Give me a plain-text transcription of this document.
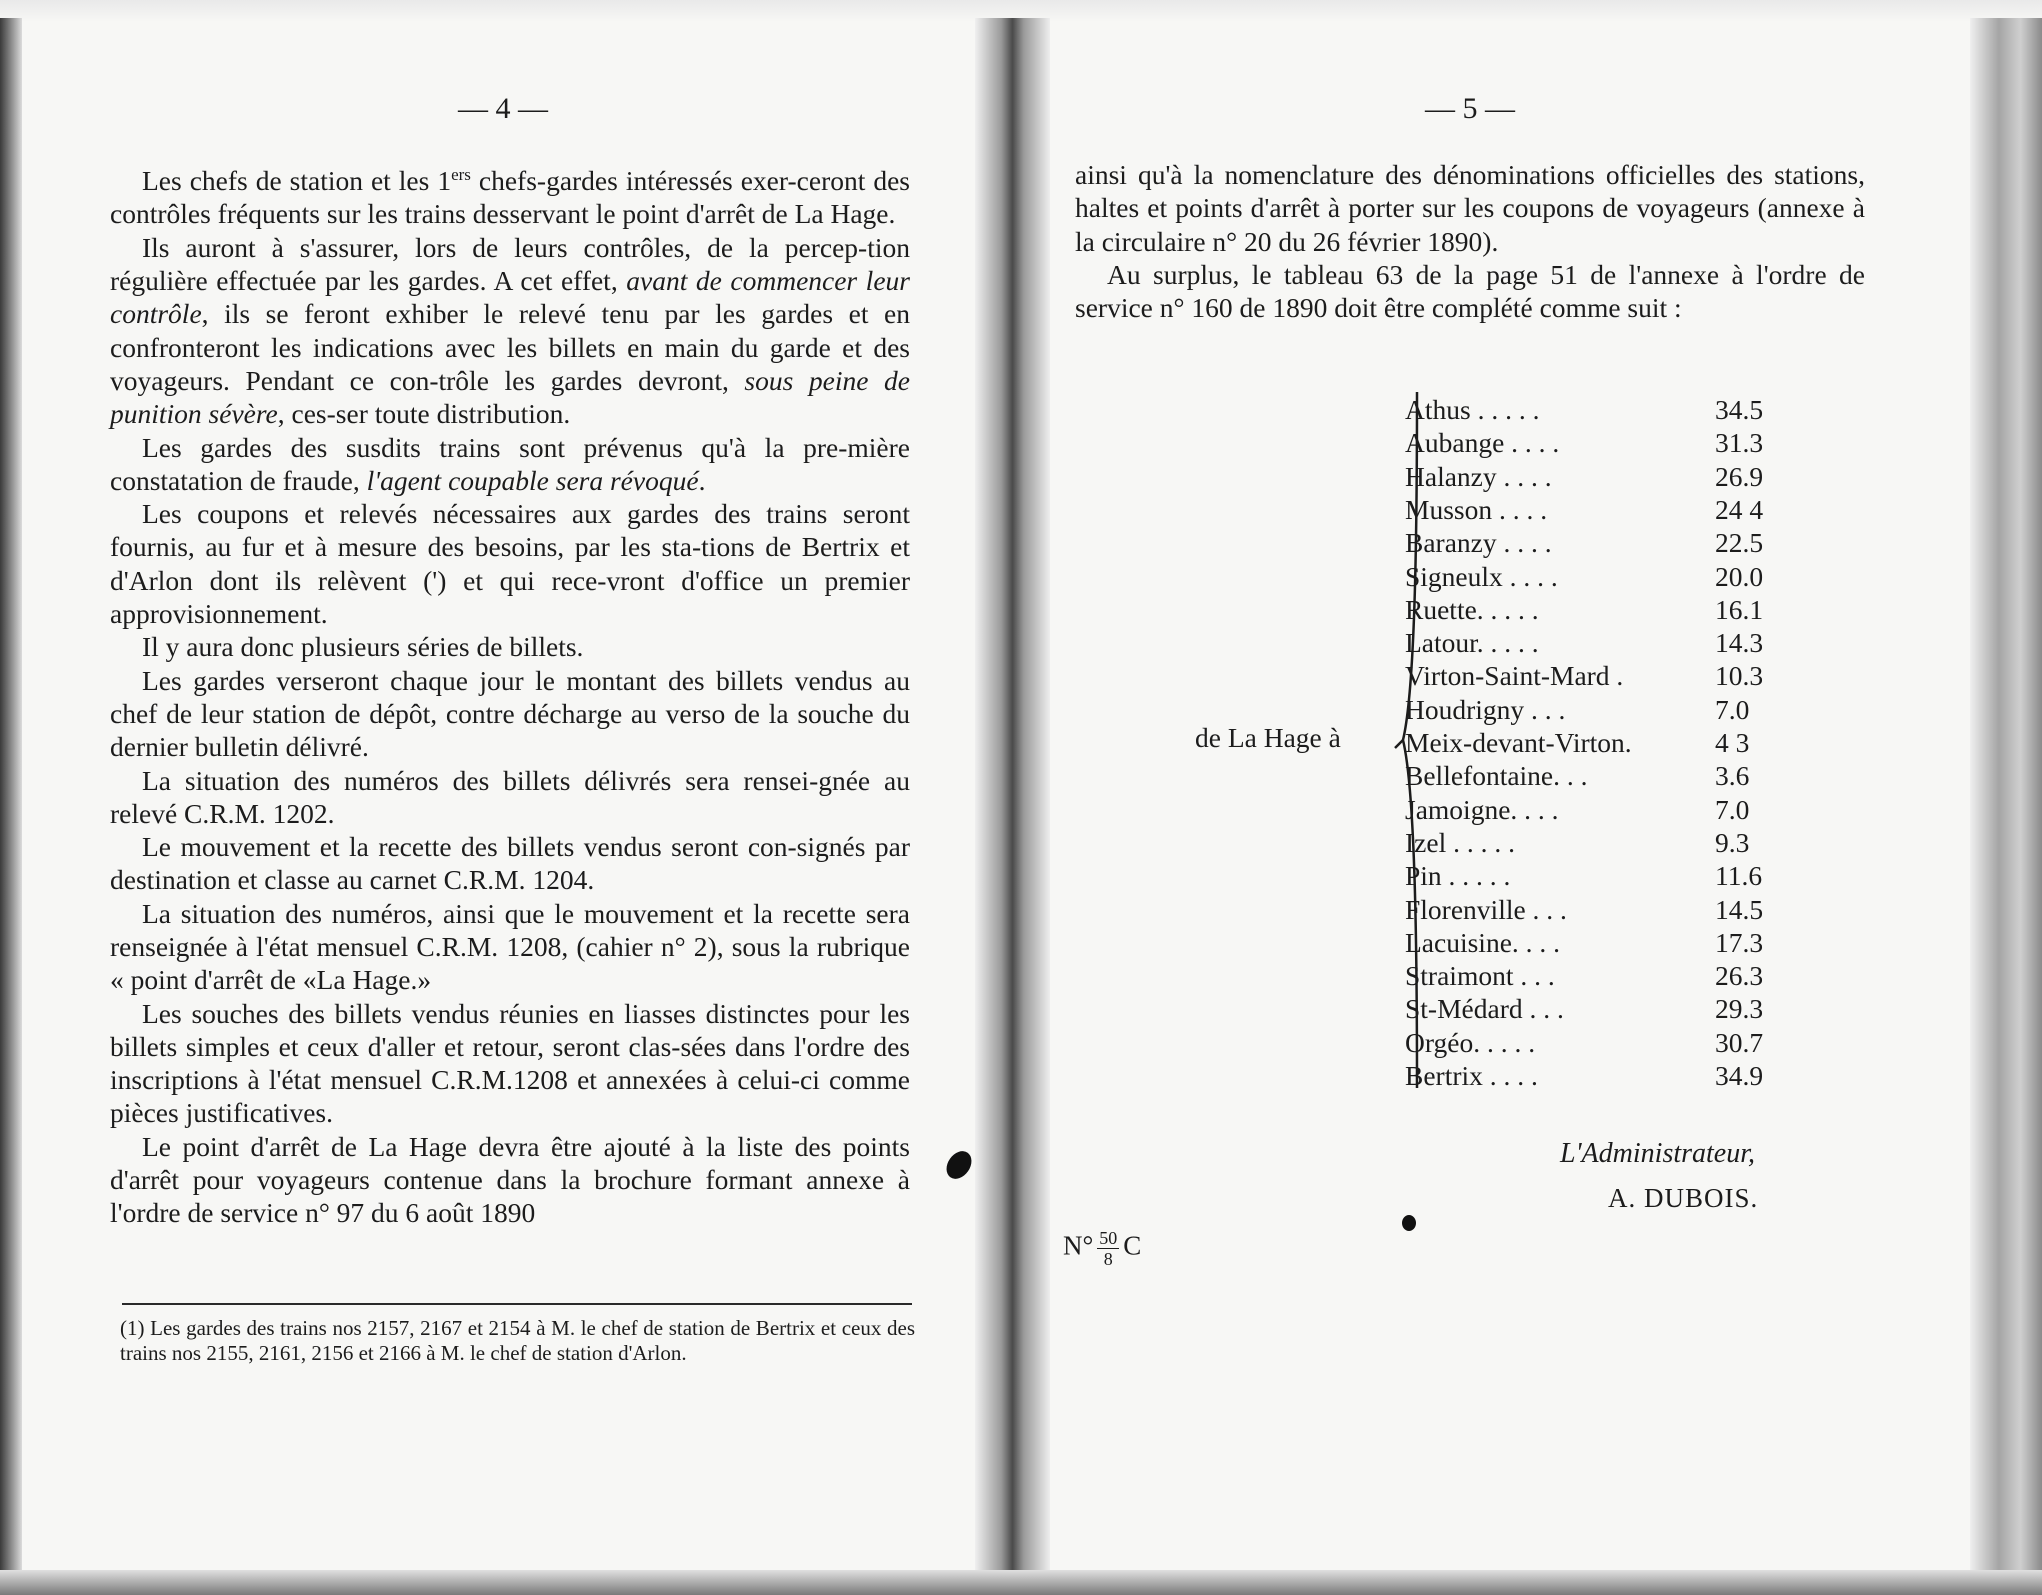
— 4 —

Les chefs de station et les 1ers chefs-gardes intéressés exer-ceront des contrôles fréquents sur les trains desservant le point d'arrêt de La Hage.

Ils auront à s'assurer, lors de leurs contrôles, de la percep-tion régulière effectuée par les gardes. A cet effet, avant de commencer leur contrôle, ils se feront exhiber le relevé tenu par les gardes et en confronteront les indications avec les billets en main du garde et des voyageurs. Pendant ce con-trôle les gardes devront, sous peine de punition sévère, ces-ser toute distribution.

Les gardes des susdits trains sont prévenus qu'à la pre-mière constatation de fraude, l'agent coupable sera révoqué.

Les coupons et relevés nécessaires aux gardes des trains seront fournis, au fur et à mesure des besoins, par les sta-tions de Bertrix et d'Arlon dont ils relèvent (') et qui rece-vront d'office un premier approvisionnement.

Il y aura donc plusieurs séries de billets.

Les gardes verseront chaque jour le montant des billets vendus au chef de leur station de dépôt, contre décharge au verso de la souche du dernier bulletin délivré.

La situation des numéros des billets délivrés sera rensei-gnée au relevé C.R.M. 1202.

Le mouvement et la recette des billets vendus seront con-signés par destination et classe au carnet C.R.M. 1204.

La situation des numéros, ainsi que le mouvement et la recette sera renseignée à l'état mensuel C.R.M. 1208, (cahier n° 2), sous la rubrique « point d'arrêt de «La Hage.»

Les souches des billets vendus réunies en liasses distinctes pour les billets simples et ceux d'aller et retour, seront clas-sées dans l'ordre des inscriptions à l'état mensuel C.R.M.1208 et annexées à celui-ci comme pièces justificatives.

Le point d'arrêt de La Hage devra être ajouté à la liste des points d'arrêt pour voyageurs contenue dans la brochure formant annexe à l'ordre de service n° 97 du 6 août 1890

(1) Les gardes des trains nos 2157, 2167 et 2154 à M. le chef de station de Bertrix et ceux des trains nos 2155, 2161, 2156 et 2166 à M. le chef de station d'Arlon.
— 5 —

ainsi qu'à la nomenclature des dénominations officielles des stations, haltes et points d'arrêt à porter sur les coupons de voyageurs (annexe à la circulaire n° 20 du 26 février 1890).

Au surplus, le tableau 63 de la page 51 de l'annexe à l'ordre de service n° 160 de 1890 doit être complété comme suit :

de La Hage à
Athus . . . . .	34.5
Aubange . . . .	31.3
Halanzy . . . .	26.9
Musson . . . .	24 4
Baranzy . . . .	22.5
Signeulx . . . .	20.0
Ruette. . . . .	16.1
Latour. . . . .	14.3
Virton-Saint-Mard .	10.3
Houdrigny . . .	7.0
Meix-devant-Virton.	4 3
Bellefontaine. . .	3.6
Jamoigne. . . .	7.0
Izel . . . . .	9.3
Pin . . . . .	11.6
Florenville . . .	14.5
Lacuisine. . . .	17.3
Straimont . . .	26.3
St-Médard . . .	29.3
Orgéo. . . . .	30.7
Bertrix . . . .	34.9
L'Administrateur,
A. DUBOIS.
$N^\circ \frac{50}{8}$ C
